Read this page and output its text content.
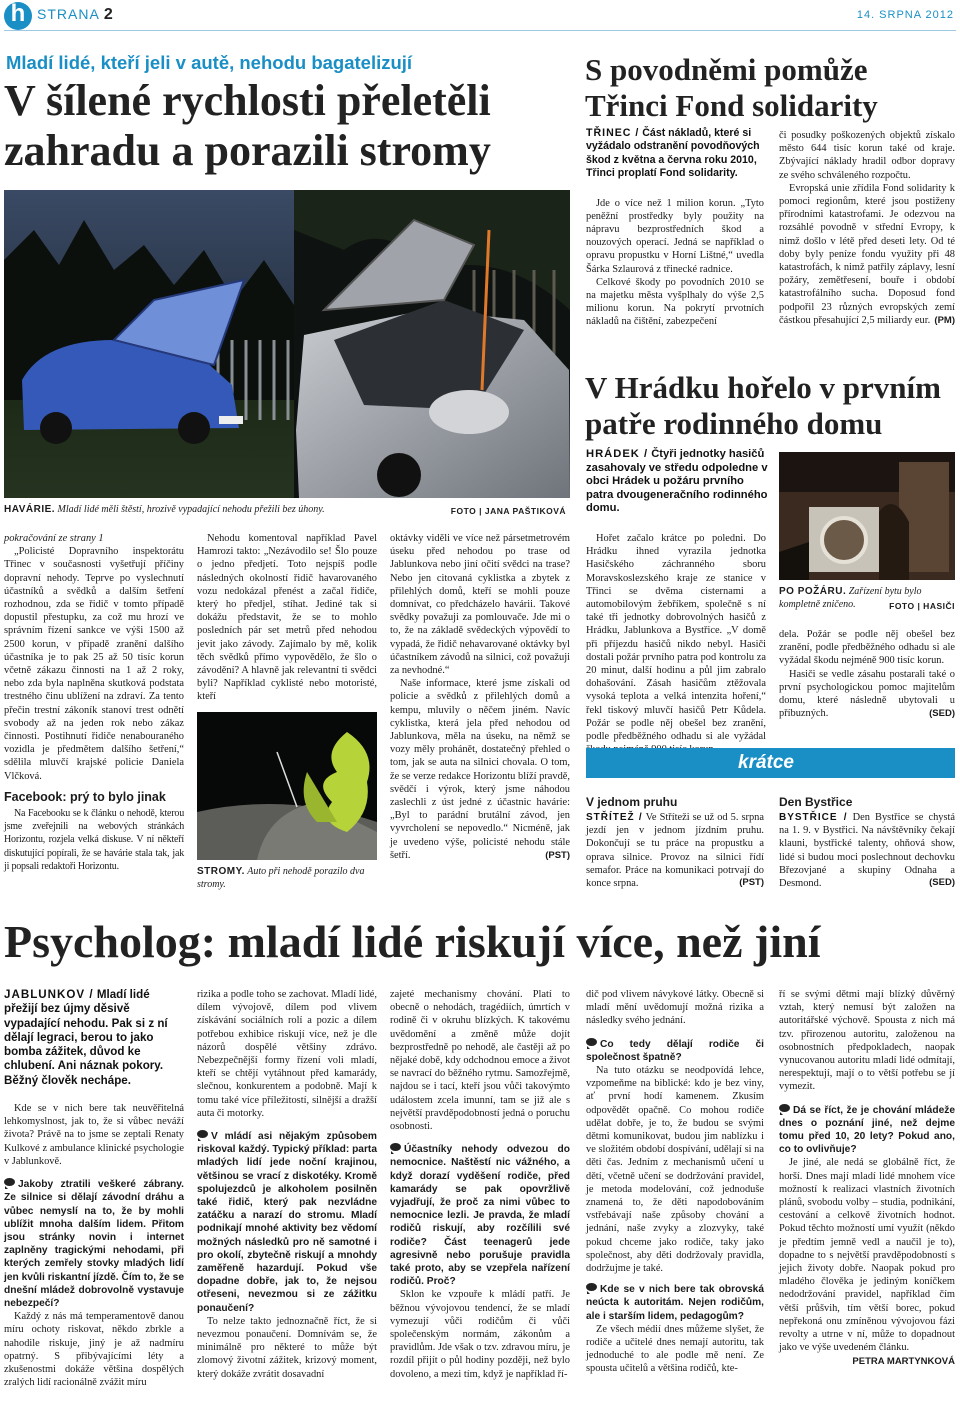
h STRANA 2	14. SRPNA 2012
Mladí lidé, kteří jeli v autě, nehodu bagatelizují
V šílené rychlosti přeletěli
zahradu a porazili stromy
HAVÁRIE. Mladí lidé měli štěstí, hrozivě vypadající nehodu přežili bez úhony.	FOTO | JANA PAŠTIKOVÁ

pokračování ze strany 1

„Policisté Dopravního inspektorátu Třinec v současnosti vyšetřují příčiny dopravní nehody. Teprve po vyslechnutí účastníků a svědků a dalším šetření rozhodnou, zda se řidič v tomto případě dopustil přestupku, za což mu hrozí ve správním řízení sankce ve výši 1500 až 2500 korun, v případě zranění dalšího účastníka je to pak 25 až 50 tisíc korun včetně zákazu činnosti na 1 až 2 roky, nebo zda byla naplněna skutková podstata trestného činu ublížení na zdraví. Za tento přečin trestní zákoník stanoví trest odnětí svobody až na jeden rok nebo zákaz činnosti. Postihnutí řidiče nenabouraného vozidla je předmětem dalšího šetření,“ sdělila mluvčí krajské policie Daniela Vlčková.

Facebook: prý to bylo jinak

Na Facebooku se k článku o nehodě, kterou jsme zveřejnili na webových stránkách Horizontu, rozjela velká diskuse. V ní někteří diskutující popírali, že se havárie stala tak, jak ji popsali redaktoři Horizontu.

Nehodu komentoval například Pavel Hamrozi takto: „Nezávodilo se! Šlo pouze o jedno předjetí. Toto nejspíš podle následných okolností řidič havarovaného vozu nedokázal přenést a začal řidiče, který ho předjel, stíhat. Jediné tak si dokážu představit, že se to mohlo posledních pár set metrů před nehodou jevit jako závody. Zajímalo by mě, kolik těch svědků přímo vypovědělo, že šlo o závodění? A hlavně jak relevantní ti svědci byli? Například cyklisté nebo motoristé, kteří

STROMY. Auto při nehodě porazilo dva stromy.

oktávky viděli ve více než pársetmetrovém úseku před nehodou po trase od Jablunkova nebo jiní očití svědci na trase? Nebo jen citovaná cyklistka a zbytek z přilehlých domů, kteří se mohli pouze domnívat, co předcházelo havárii. Takové svědky považuji za pomlouvače. Jde mi o to, že na základě svědeckých výpovědí to vypadá, že řidič nehavarované oktávky byl účastníkem závodů na silnici, což považuji za nevhodné.“

Naše informace, které jsme získali od policie a svědků z přilehlých domů a kempu, mluvily o něčem jiném. Navíc cyklistka, která jela před nehodou od Jablunkova, měla na úseku, na němž se vozy měly prohánět, dostatečný přehled o tom, jak se auta na silnici chovala. O tom, že se verze redakce Horizontu blíží pravdě, svědčí i výrok, který jsme náhodou zaslechli z úst jedné z účastnic havárie: „Byl to parádní brutální závod, jen vyvrcholení se nepovedlo.“ Nicméně, jak je uvedeno výše, policisté nehodu stále šetří.	(PST)
S povodněmi pomůže
Třinci Fond solidarity
TŘINEC / Část nákladů, které si vyžádalo odstranění povodňových škod z května a června roku 2010, Třinci proplatí Fond solidarity.

Jde o více než 1 milion korun. „Tyto peněžní prostředky byly použity na nápravu bezprostředních škod a nouzových operací. Jedná se například o opravu propustku v Horní Lištné,“ uvedla Šárka Szlaurová z třinecké radnice.

Celkové škody po povodních 2010 se na majetku města vyšplhaly do výše 2,5 milionu korun. Na pokrytí prvotních nákladů na čištění, zabezpečení

či posudky poškozených objektů získalo město 644 tisíc korun také od kraje. Zbývající náklady hradil odbor dopravy ze svého schváleného rozpočtu.

Evropská unie zřídila Fond solidarity k pomoci regionům, které jsou postiženy přírodními katastrofami. Je odezvou na rozsáhlé povodně v střední Evropy, k nimž došlo v létě před deseti lety. Od té doby byly peníze fondu využity při 48 katastrofách, k nimž patřily záplavy, lesní požáry, zemětřesení, bouře i období katastrofálního sucha. Doposud fond podpořil 23 různých evropských zemí částkou přesahující 2,5 miliardy eur. (PM)
V Hrádku hořelo v prvním
patře rodinného domu
HRÁDEK / Čtyři jednotky hasičů zasahovaly ve středu odpoledne v obci Hrádek u požáru prvního patra dvougeneračního rodinného domu.
PO POŽÁRU. Zařízení bytu bylo kompletně zničeno.	FOTO | HASIČI

Hořet začalo krátce po poledni. Do Hrádku ihned vyrazila jednotka Hasičského záchranného sboru Moravskoslezského kraje ze stanice v Třinci se dvěma cisternami a automobilovým žebříkem, společně s ní také tři jednotky dobrovolných hasičů z Hrádku, Jablunkova a Bystřice. „V domě při příjezdu hasičů nikdo nebyl. Hasiči dostali požár prvního patra pod kontrolu za 20 minut, další hodinu a půl jim zabralo dohašování. Zásah hasičům ztěžovala vysoká teplota a velká intenzita hoření,“ řekl tiskový mluvčí hasičů Petr Kůdela. Požár se podle něj obešel bez zranění, podle předběžného odhadu si ale vyžádal

dela. Požár se podle něj obešel bez zranění, podle předběžného odhadu si ale vyžádal škodu nejméně 900 tisíc korun.

Hasiči se vedle zásahu postarali také o první psychologickou pomoc majitelům domu, které následně ubytovali u příbuzných.	(SED)
krátce
V jednom pruhu
STŘÍTEŽ / Ve Stříteži se už od 5. srpna jezdí jen v jednom jízdním pruhu. Dokončují se tu práce na propustku a oprava silnice. Provoz na silnici řídí semafor. Práce na komunikaci potrvají do konce srpna.	(PST)
Den Bystřice
BYSTŘICE / Den Bystřice se chystá na 1. 9. v Bystřici. Na návštěvníky čekají klauni, bystřické talenty, ohňová show, lidé si budou moci poslechnout dechovku Březovjané a skupiny Odnaha a Desmond.	(SED)
Psycholog: mladí lidé riskují více, než jiní
JABLUNKOV / Mladí lidé přežijí bez újmy děsivě vypadající nehodu. Pak si z ní dělají legraci, berou to jako bomba zážitek, důvod ke chlubení. Ani náznak pokory. Běžný člověk nechápe.

Kde se v nich bere tak neuvěřitelná lehkomyslnost, jak to, že si vůbec neváží života? Právě na to jsme se zeptali Renaty Kulkové z ambulance klinické psychologie v Jablunkově.

Jakoby ztratili veškeré zábrany. Ze silnice si dělají závodní dráhu a vůbec nemyslí na to, že by mohli ublížit mnoha dalším lidem. Přitom jsou stránky novin i internet zaplněny tragickými nehodami, při kterých zemřely stovky mladých lidí jen kvůli riskantní jízdě. Čím to, že se dnešní mládež dobrovolně vystavuje nebezpečí?

Každý z nás má temperamentově danou míru ochoty riskovat, někdo zbrkle a nahodile riskuje, jiný je až nadmíru opatrný. S přibývajícími léty a zkušenostmi dokáže většina dospělých zralých lidí racionálně zvážit míru

rizika a podle toho se zachovat. Mladí lidé, dílem vývojově, dílem pod vlivem získávání sociálních rolí a pozic a dílem potřebou exhibice riskují více, než je dle názorů dospělé většiny zdrávo. Nebezpečnější formy řízení voli mladí, kteří se chtějí vytáhnout před kamarády, slečnou, konkurentem a podobně. Mají k tomu také více příležitostí, silnější a dražší auta či motorky.

V mládí asi nějakým způsobem riskoval každý. Typický příklad: parta mladých lidí jede noční krajinou, většinou se vrací z diskotéky. Kromě spolujezdců je alkoholem posilněn také řidič, který pak nezvládne zatáčku a narazí do stromu. Mladí podnikají mnohé aktivity bez vědomí možných následků pro ně samotné i pro okolí, zbytečně riskují a mnohdy zaměřeně hazardují. Pokud vše dopadne dobře, jak to, že nejsou otřeseni, nevezmou si ze zážitku ponaučení?

To nelze takto jednoznačně říct, že si nevezmou ponaučení. Domnívám se, že minimálně pro některé to může být zlomový životní zážitek, krizový moment, který dokáže zvrátit dosavadní

zajeté mechanismy chování. Platí to obecně o nehodách, tragédiích, úmrtích v rodině či v okruhu blízkých. K takovému uvědomění a změně může dojít bezprostředně po nehodě, ale častěji až po nějaké době, kdy odchodnou emoce a život se navrací do běžného rytmu. Samozřejmě, najdou se i tací, kteří jsou vůči takovýmto událostem zcela imunní, tam se již ale s největší pravděpodobností jedná o poruchu osobnosti.

Účastníky nehody odvezou do nemocnice. Naštěstí nic vážného, a když dorazí vyděšení rodiče, před kamarády se pak opovržlivě vyjadřují, že proč za nimi vůbec to nemocnice lezli. Je pravda, že mladí rodičů riskují, aby rozčílili své rodiče? Část teenagerů jede agresivně nebo porušuje pravidla také proto, aby se vzepřela nařízení rodičů. Proč?

Sklon ke vzpouře k mládí patří. Je běžnou vývojovou tendencí, že se mladí vymezují vůči rodičům či vůči společenským normám, zákonům a pravidlům. Jde však o tzv. zdravou míru, je rozdíl přijít o půl hodiny později, než bylo dovoleno, a mezi tím, když je například ří-

dič pod vlivem návykové látky. Obecně si mladí mění uvědomují možná rizika a následky svého jednání.

Co tedy dělají rodiče či společnost špatně?

Na tuto otázku se neodpovídá lehce, vzpomeňme na biblické: kdo je bez viny, ať první hodí kamenem. Zkusím odpovědět opačně. Co mohou rodiče udělat dobře, je to, že budou se svými dětmi komunikovat, budou jim nablízku i ve složitém období dospívání, udělají si na děti čas. Jedním z mechanismů učení u dětí, včetně učení se dodržování pravidel, je metoda modelování, což jednoduše znamená to, že děti napodobováním vstřebávají naše způsoby chování a jednání, naše zvyky a zlozvyky, také pokud chceme jako rodiče, taky jako společnost, aby děti dodržovaly pravidla, dodržujme je také.

Kde se v nich bere tak obrovská neúcta k autoritám. Nejen rodičům, ale i starším lidem, pedagogům?

Ze všech médií dnes můžeme slyšet, že rodiče a učitelé dnes nemají autoritu, tak jednoduché to ale podle mě není. Ze spousta učitelů a většina rodičů, kte-

ří se svými dětmi mají blízký důvěrný vztah, který nemusí být založen na autoritářské výchově. Spousta z nich má tzv. přirozenou autoritu, založenou na osobnostních předpokladech, naopak vynucovanou autoritu mladí lidé odmítají, nerespektují, mají o to větší potřebu se jí vymezit.

Dá se říct, že je chování mládeže dnes o poznání jiné, než dejme tomu před 10, 20 lety? Pokud ano, co to ovlivňuje?

Je jiné, ale nedá se globálně říct, že horší. Dnes mají mladí lidé mnohem více možností k realizaci vlastních životních plánů, svobodu volby – studia, podnikání, cestování a celkově životních hodnot. Pokud těchto možností umí využít (někdo je předtím jemně vedl a naučil je to), dopadne to s největší pravděpodobností s jejich životy dobře. Naopak pokud pro mladého člověka je jediným koníčkem nedodržování pravidel, například čím větší průšvih, tím větší borec, pokud nepřekoná onu zmíněnou vývojovou fázi revolty a utrne v ní, může to dopadnout jako ve výše uvedeném článku.

PETRA MARTYNKOVÁ
